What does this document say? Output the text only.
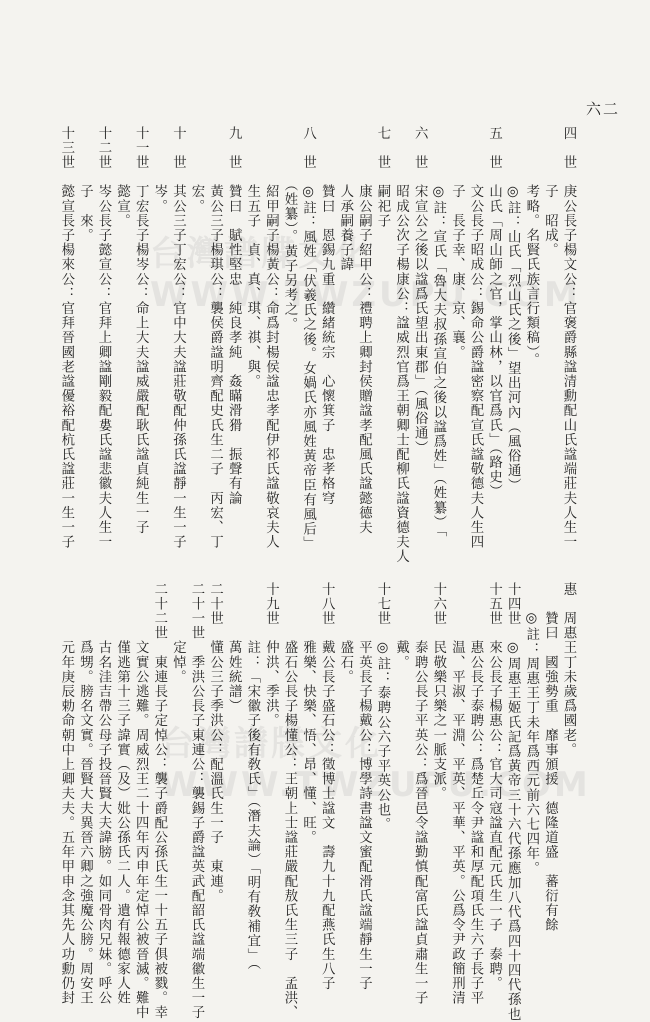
台灣譜牒文化 WWW.TWZUPU.COM
台灣譜牒文化 WWW.TWZUPU.COM
六二
四　世　庚公長子楊文公：官褒爵縣諡清勳配山氏諡端莊夫人生一
　　　　子　昭成。
　　　　考略。名賢氏族言行類稿）。
　　　　◎註：山氏「烈山氏之後」望出河內（風俗通）
五　世　山氏「周山師之官，掌山林，以官爲氏」（路史）
　　　　文公長子昭成公：錫命公爵諡密察配宣氏諡敬德夫人生四
　　　　子　長子幸、康、京、襄。
　　　　◎註：宣氏「魯大夫叔孫宣伯之後以諡爲姓」（姓纂）「
六　世　宋宣公之後以諡爲氏望出東郡」（風俗通）
　　　　昭成公次子楊康公：諡威烈官爲王朝卿士配柳氏諡資德夫人
七　世　嗣祀子
　　　　康公嗣子紹甲公：禮聘上卿封侯贈諡孝配風氏諡懿德夫
　　　　人承嗣養子諱
　　　　贊曰　恩錫九重　纘緒統宗　心懷箕子　忠孝格穹
八　世　◎註：風姓「伏羲氏之後。女媧氏亦風姓黃帝臣有風后」
　　　　（姓纂）。黃子另考之。
　　　　紹甲嗣子楊黃公：命爲封楊侯諡忠孝配伊祁氏諡敬哀夫人
　　　　生五子　貞、真、琪、祺、與。
九　世　贊曰　賦性堅忠　純良孝純　姦瞞滑猾　振聲有論
　　　　黃公三子楊琪公：襲侯爵諡明齊配史氏生二子　丙宏、丁
　　　　宏。
十　世　其公三子丁宏公：官中大夫諡莊敬配仲孫氏諡靜一生一子
　　　　岑。
十一世　丁宏長子楊岑公：命上大夫諡威嚴配耿氏諡貞純生一子
　　　　懿宣。
十二世　岑公長子懿宣公：官拜上卿諡剛毅配婁氏諡悲徽夫人生一
　　　　子　來。
十三世　懿宣長子楊來公：官拜晉國老諡優裕配杭氏諡莊一生一子
惠　周惠王丁未歲爲國老。
　　贊曰　國強勢重　靡事頒援　德隆道盛　蕃衍有餘
　　◎註：周惠王丁未年爲西元前六七四年。
十四世　◎周惠王姬氏記爲黃帝三十六代孫應加八代爲四十四代孫也
十五世　來公長子楊惠公：官大司寇諡直配元氏生一子　泰聘。
　　　　惠公長子泰聘公：爲楚丘令尹諡和厚配項氏生六子長子平
　　　　温、平淑、平淵、平英、平華、平英。公爲令尹政簡刑清
十六世　民敬樂只樂之一脈支派。
　　　　泰聘公長子平英公：爲晉邑令諡勤慎配富氏諡貞肅生一子
　　　　戴。
十七世　◎註：泰聘公六子平英公也。
　　　　平英長子楊戴公：博學詩書諡文蜜配滑氏諡端靜生一子
　　　　盛石。
十八世　戴公長子盛石公：徵博士諡文　壽九十九配燕氏生八子
　　　　雅樂、快樂、悟、昂、懂、旺。
　　　　盛石公長子楊懂公：王朝上士諡莊嚴配敖氏生三子　孟洪、
十九世　仲洪、季洪。
　　　　註：「宋徽子後有敎氏」（潛夫論）「明有敎補宜」（
　　　　萬姓統譜）
二十世　懂公三子季洪公：配溫氏生一子　東連。
二十一世　季洪公長子東連公：襲錫子爵諡英武配韶氏諡端徽生一子
　　　　定悼。
二十二世　東連長子定悼公：襲子爵配公孫氏生一十五子俱被戮。幸
　　　　文實公逃難。周威烈王二十四年丙申年定悼公被晉滅。難中
　　　　僅逃第十三子諱實（及）妣公孫氏二人。遺有報德家人姓
　　　　古名洼吉帶公母子投晉賢大夫諱膀。如同骨肉兄妹。呼公
　　　　爲甥。膀名文實。晉賢大夫異晉六卿之強魔公膀。周安王
　　　　元年庚辰勅命朝中上卿夫夫。五年甲申念其先人功勳仍封
